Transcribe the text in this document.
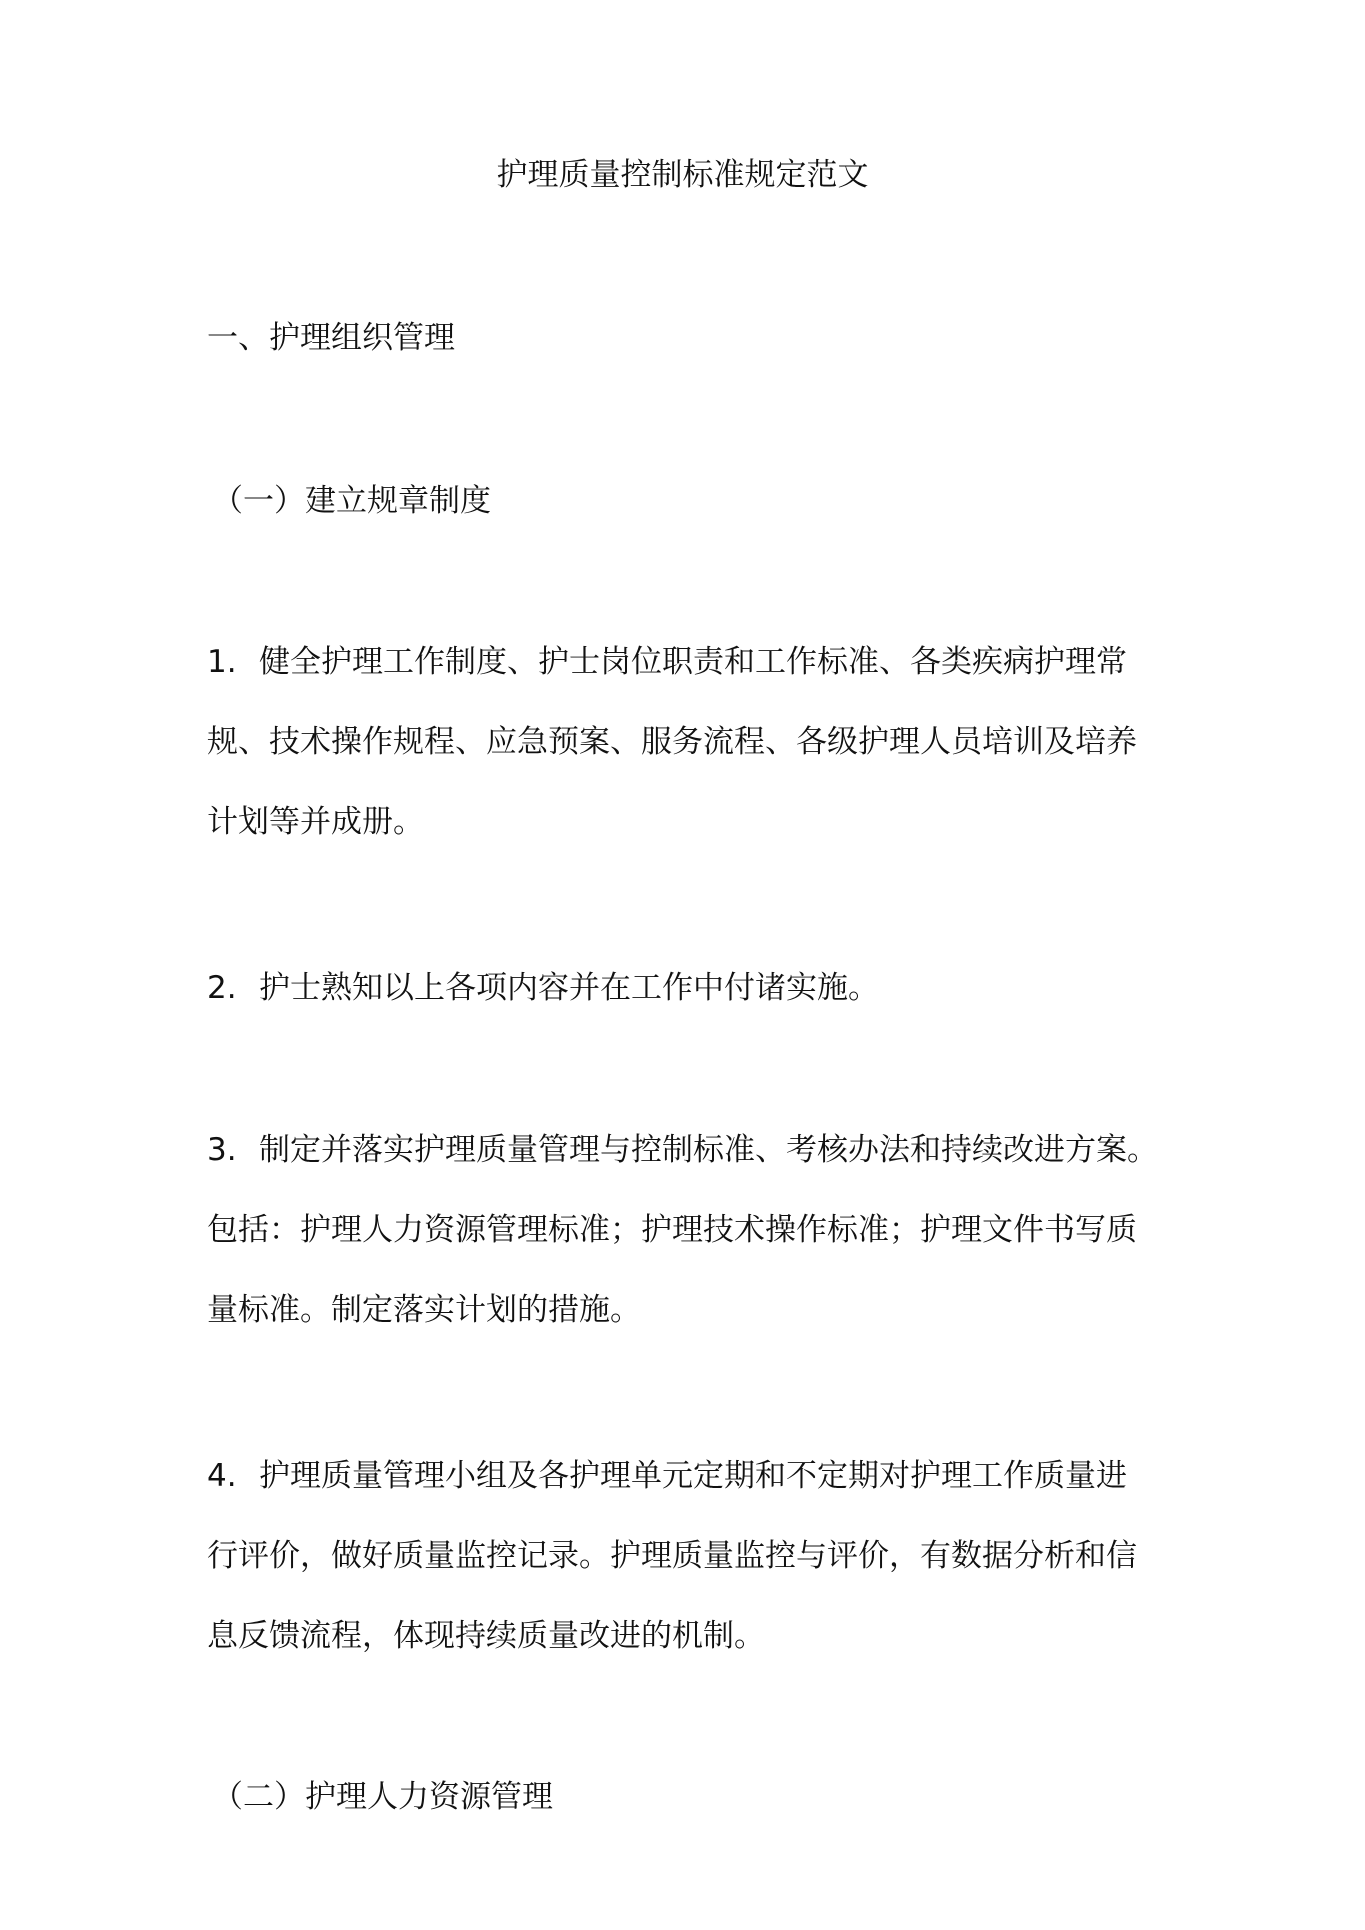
护理质量控制标准规定范文
一、护理组织管理
（一）建立规章制度
1. 健全护理工作制度、护士岗位职责和工作标准、各类疾病护理常
规、技术操作规程、应急预案、服务流程、各级护理人员培训及培养
计划等并成册。
2. 护士熟知以上各项内容并在工作中付诸实施。
3. 制定并落实护理质量管理与控制标准、考核办法和持续改进方案。
包括：护理人力资源管理标准；护理技术操作标准；护理文件书写质
量标准。制定落实计划的措施。
4. 护理质量管理小组及各护理单元定期和不定期对护理工作质量进
行评价，做好质量监控记录。护理质量监控与评价，有数据分析和信
息反馈流程，体现持续质量改进的机制。
（二）护理人力资源管理
